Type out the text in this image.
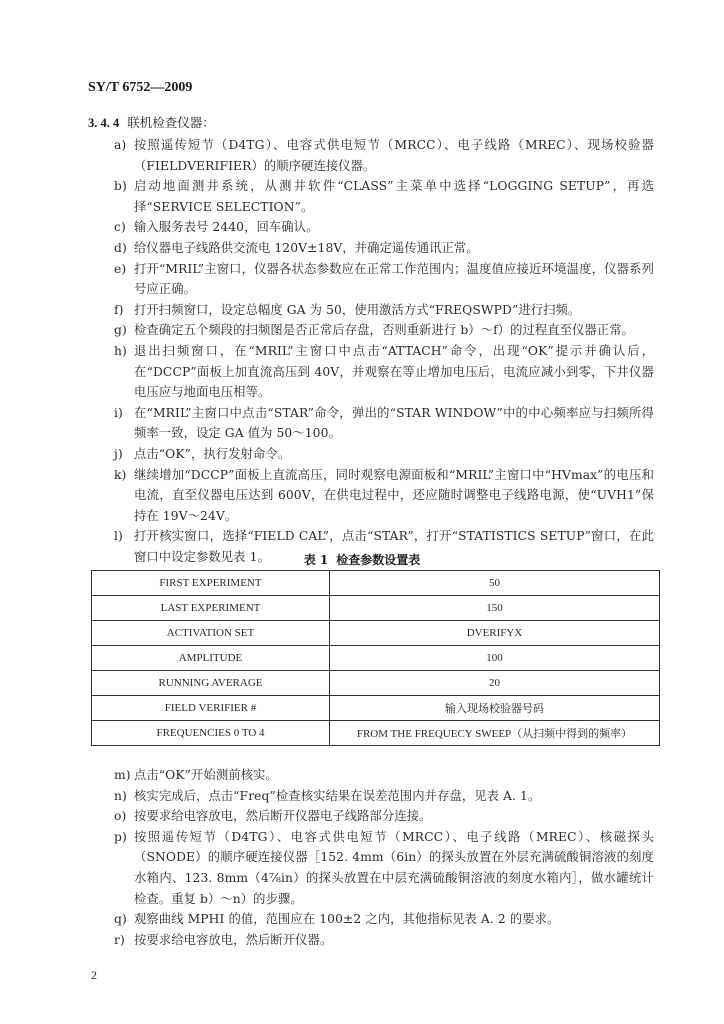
SY/T 6752—2009
3. 4. 4 联机检查仪器：
a) 按照遥传短节（D4TG）、电容式供电短节（MRCC）、电子线路（MREC）、现场校验器（FIELDVERIFIER）的顺序硬连接仪器。
b) 启动地面测井系统，从测井软件“CLASS”主菜单中选择“LOGGING SETUP”，再选择“SERVICE SELECTION”。
c) 输入服务表号 2440，回车确认。
d) 给仪器电子线路供交流电 120V±18V，并确定遥传通讯正常。
e) 打开“MRIL”主窗口，仪器各状态参数应在正常工作范围内；温度值应接近环境温度，仪器系列号应正确。
f) 打开扫频窗口，设定总幅度 GA 为 50，使用激活方式“FREQSWPD”进行扫频。
g) 检查确定五个频段的扫频图是否正常后存盘，否则重新进行 b）～f）的过程直至仪器正常。
h) 退出扫频窗口，在“MRIL”主窗口中点击“ATTACH”命令，出现“OK”提示并确认后，在“DCCP”面板上加直流高压到 40V，并观察在等止增加电压后，电流应减小到零，下井仪器电压应与地面电压相等。
i) 在“MRIL”主窗口中点击“STAR”命令，弹出的“STAR WINDOW”中的中心频率应与扫频所得频率一致，设定 GA 值为 50～100。
j) 点击“OK”，执行发射命令。
k) 继续增加“DCCP”面板上直流高压，同时观察电源面板和“MRIL”主窗口中“HVmax”的电压和电流，直至仪器电压达到 600V，在供电过程中，还应随时调整电子线路电源，使“UVH1”保持在 19V～24V。
l) 打开核实窗口，选择“FIELD CAL”，点击“STAR”，打开“STATISTICS SETUP”窗口，在此窗口中设定参数见表 1。	表 1 检查参数设置表
FIRST EXPERIMENT	50
LAST EXPERIMENT	150
ACTIVATION SET	DVERIFYX
AMPLITUDE	100
RUNNING AVERAGE	20
FIELD VERIFIER #	输入现场校验器号码
FREQUENCIES 0 TO 4	FROM THE FREQUECY SWEEP（从扫频中得到的频率）
m) 点击“OK”开始测前核实。
n) 核实完成后，点击“Freq”检查核实结果在误差范围内并存盘，见表 A. 1。
o) 按要求给电容放电，然后断开仪器电子线路部分连接。
p) 按照遥传短节（D4TG）、电容式供电短节（MRCC）、电子线路（MREC）、核磁探头（SNODE）的顺序硬连接仪器［152. 4mm（6in）的探头放置在外层充满硫酸铜溶液的刻度水箱内、123. 8mm（4⅞in）的探头放置在中层充满硫酸铜溶液的刻度水箱内］，做水罐统计检查。重复 b）～n）的步骤。
q) 观察曲线 MPHI 的值，范围应在 100±2 之内，其他指标见表 A. 2 的要求。
r) 按要求给电容放电，然后断开仪器。
2
